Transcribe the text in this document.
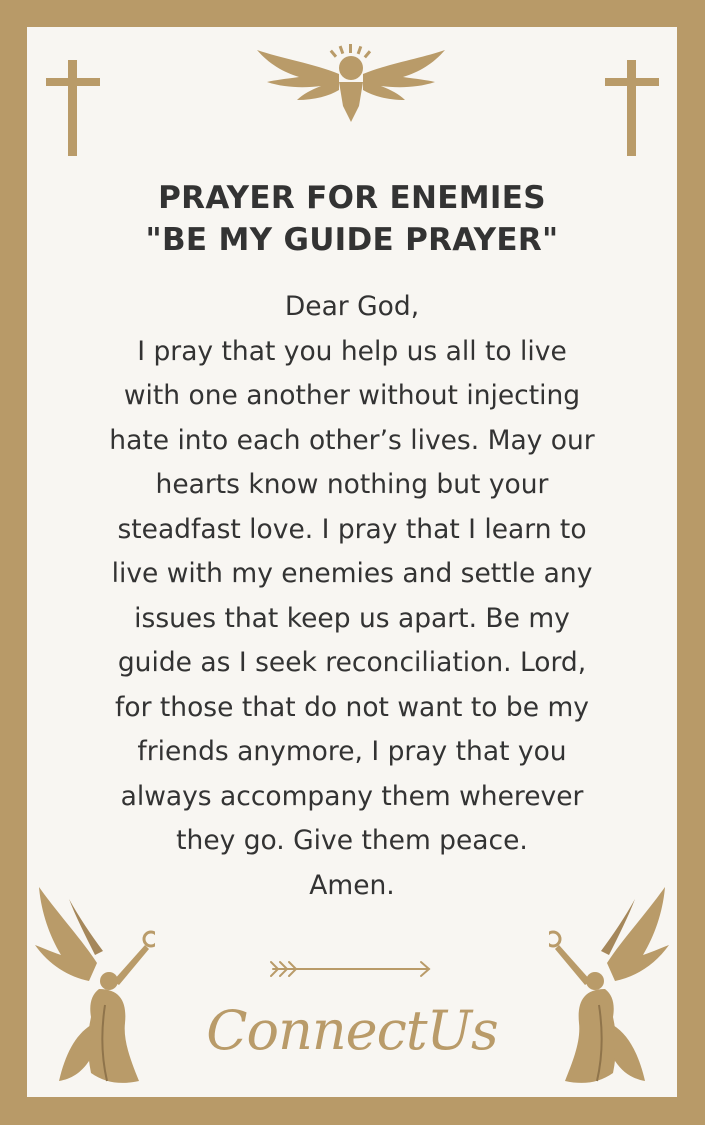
PRAYER FOR ENEMIES
"BE MY GUIDE PRAYER"
Dear God,
I pray that you help us all to live
with one another without injecting
hate into each other’s lives. May our
hearts know nothing but your
steadfast love. I pray that I learn to
live with my enemies and settle any
issues that keep us apart. Be my
guide as I seek reconciliation. Lord,
for those that do not want to be my
friends anymore, I pray that you
always accompany them wherever
they go. Give them peace.
Amen.
ConnectUs
